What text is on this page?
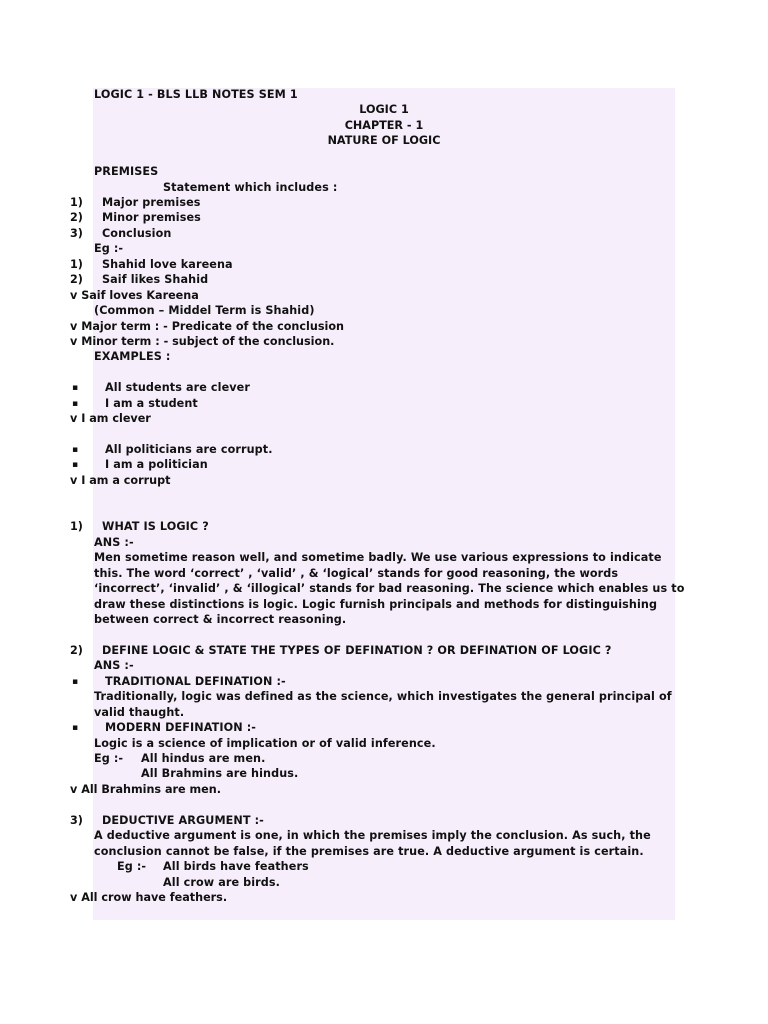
LOGIC 1 - BLS LLB NOTES SEM 1
LOGIC 1
CHAPTER - 1
NATURE OF LOGIC
PREMISES
Statement which includes :
1) Major premises
2) Minor premises
3) Conclusion
Eg :-
1) Shahid love kareena
2) Saif likes Shahid
v Saif loves Kareena
(Common – Middel Term is Shahid)
v Major term : - Predicate of the conclusion
v Minor term : - subject of the conclusion.
EXAMPLES :
▪ All students are clever
▪ I am a student
v I am clever
▪ All politicians are corrupt.
▪ I am a politician
v I am a corrupt
1) WHAT IS LOGIC ?
ANS :-
Men sometime reason well, and sometime badly. We use various expressions to indicate
this. The word ‘correct’ , ‘valid’ , & ‘logical’ stands for good reasoning, the words
‘incorrect’, ‘invalid’ , & ‘illogical’ stands for bad reasoning. The science which enables us to
draw these distinctions is logic. Logic furnish principals and methods for distinguishing
between correct & incorrect reasoning.
2) DEFINE LOGIC & STATE THE TYPES OF DEFINATION ? OR DEFINATION OF LOGIC ?
ANS :-
▪ TRADITIONAL DEFINATION :-
Traditionally, logic was defined as the science, which investigates the general principal of
valid thaught.
▪ MODERN DEFINATION :-
Logic is a science of implication or of valid inference.
Eg :- All hindus are men.
All Brahmins are hindus.
v All Brahmins are men.
3) DEDUCTIVE ARGUMENT :-
A deductive argument is one, in which the premises imply the conclusion. As such, the
conclusion cannot be false, if the premises are true. A deductive argument is certain.
Eg :- All birds have feathers
All crow are birds.
v All crow have feathers.
